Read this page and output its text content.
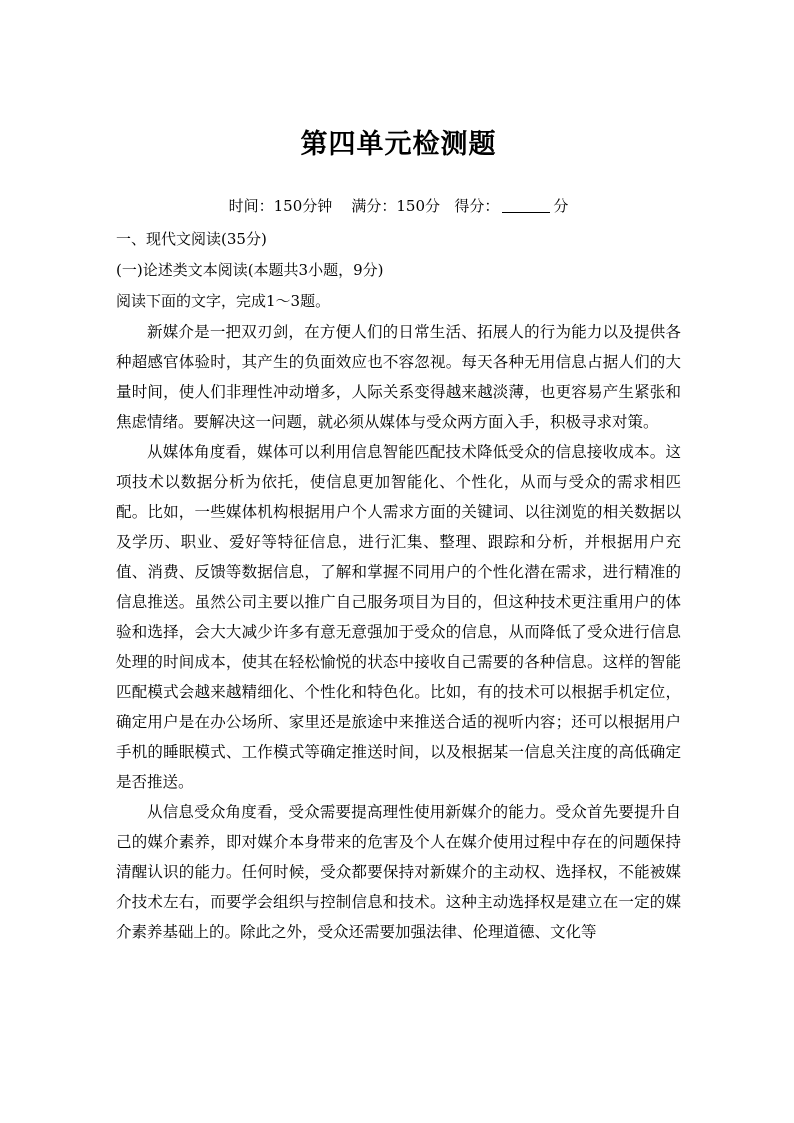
第四单元检测题
时间：150分钟 满分：150分 得分：	分
一、现代文阅读(35分)
(一)论述类文本阅读(本题共3小题，9分)
阅读下面的文字，完成1～3题。

新媒介是一把双刃剑，在方便人们的日常生活、拓展人的行为能力以及提供各种超感官体验时，其产生的负面效应也不容忽视。每天各种无用信息占据人们的大量时间，使人们非理性冲动增多，人际关系变得越来越淡薄，也更容易产生紧张和焦虑情绪。要解决这一问题，就必须从媒体与受众两方面入手，积极寻求对策。

从媒体角度看，媒体可以利用信息智能匹配技术降低受众的信息接收成本。这项技术以数据分析为依托，使信息更加智能化、个性化，从而与受众的需求相匹配。比如，一些媒体机构根据用户个人需求方面的关键词、以往浏览的相关数据以及学历、职业、爱好等特征信息，进行汇集、整理、跟踪和分析，并根据用户充值、消费、反馈等数据信息，了解和掌握不同用户的个性化潜在需求，进行精准的信息推送。虽然公司主要以推广自己服务项目为目的，但这种技术更注重用户的体验和选择，会大大减少许多有意无意强加于受众的信息，从而降低了受众进行信息处理的时间成本，使其在轻松愉悦的状态中接收自己需要的各种信息。这样的智能匹配模式会越来越精细化、个性化和特色化。比如，有的技术可以根据手机定位，确定用户是在办公场所、家里还是旅途中来推送合适的视听内容；还可以根据用户手机的睡眠模式、工作模式等确定推送时间，以及根据某一信息关注度的高低确定是否推送。

从信息受众角度看，受众需要提高理性使用新媒介的能力。受众首先要提升自己的媒介素养，即对媒介本身带来的危害及个人在媒介使用过程中存在的问题保持清醒认识的能力。任何时候，受众都要保持对新媒介的主动权、选择权，不能被媒介技术左右，而要学会组织与控制信息和技术。这种主动选择权是建立在一定的媒介素养基础上的。除此之外，受众还需要加强法律、伦理道德、文化等
